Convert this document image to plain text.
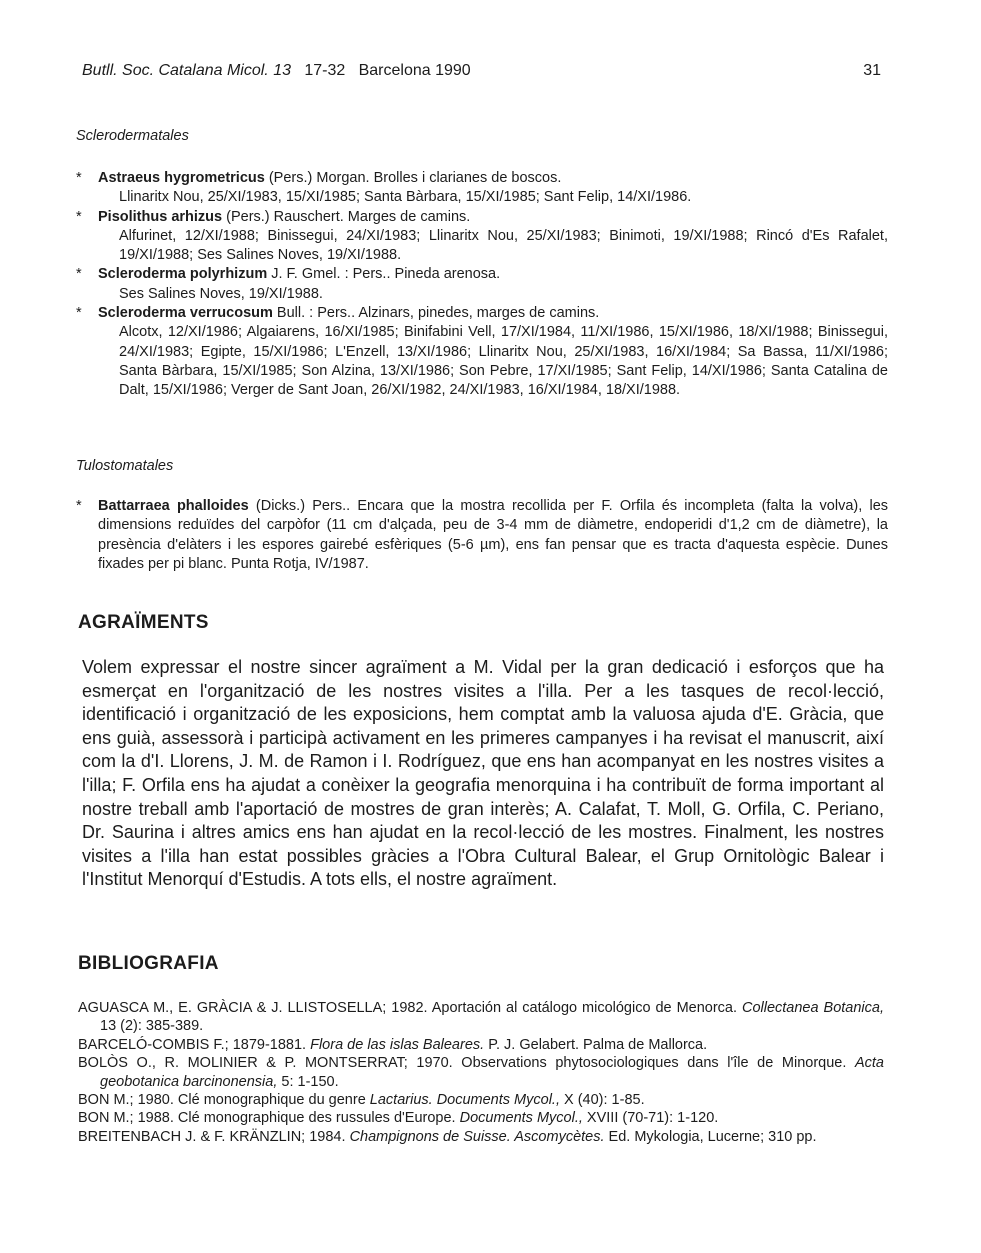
Butll. Soc. Catalana Micol. 13 17-32 Barcelona 1990	31
Sclerodermatales
* Astraeus hygrometricus (Pers.) Morgan. Brolles i clarianes de boscos.
Llinaritx Nou, 25/XI/1983, 15/XI/1985; Santa Bàrbara, 15/XI/1985; Sant Felip, 14/XI/1986.
* Pisolithus arhizus (Pers.) Rauschert. Marges de camins.
Alfurinet, 12/XI/1988; Binissegui, 24/XI/1983; Llinaritx Nou, 25/XI/1983; Binimoti, 19/XI/1988; Rincó d'Es Rafalet, 19/XI/1988; Ses Salines Noves, 19/XI/1988.
* Scleroderma polyrhizum J. F. Gmel. : Pers.. Pineda arenosa.
Ses Salines Noves, 19/XI/1988.
* Scleroderma verrucosum Bull. : Pers.. Alzinars, pinedes, marges de camins.
Alcotx, 12/XI/1986; Algaiarens, 16/XI/1985; Binifabini Vell, 17/XI/1984, 11/XI/1986, 15/XI/1986, 18/XI/1988; Binissegui, 24/XI/1983; Egipte, 15/XI/1986; L'Enzell, 13/XI/1986; Llinaritx Nou, 25/XI/1983, 16/XI/1984; Sa Bassa, 11/XI/1986; Santa Bàrbara, 15/XI/1985; Son Alzina, 13/XI/1986; Son Pebre, 17/XI/1985; Sant Felip, 14/XI/1986; Santa Catalina de Dalt, 15/XI/1986; Verger de Sant Joan, 26/XI/1982, 24/XI/1983, 16/XI/1984, 18/XI/1988.
Tulostomatales
* Battarraea phalloides (Dicks.) Pers.. Encara que la mostra recollida per F. Orfila és incompleta (falta la volva), les dimensions reduïdes del carpòfor (11 cm d'alçada, peu de 3-4 mm de diàmetre, endoperidi d'1,2 cm de diàmetre), la presència d'elàters i les espores gairebé esfèriques (5-6 µm), ens fan pensar que es tracta d'aquesta espècie. Dunes fixades per pi blanc. Punta Rotja, IV/1987.
AGRAÏMENTS
Volem expressar el nostre sincer agraïment a M. Vidal per la gran dedicació i esforços que ha esmerçat en l'organització de les nostres visites a l'illa. Per a les tasques de recol·lecció, identificació i organització de les exposicions, hem comptat amb la valuosa ajuda d'E. Gràcia, que ens guià, assessorà i participà activament en les primeres campanyes i ha revisat el manuscrit, així com la d'I. Llorens, J. M. de Ramon i I. Rodríguez, que ens han acompanyat en les nostres visites a l'illa; F. Orfila ens ha ajudat a conèixer la geografia menorquina i ha contribuït de forma important al nostre treball amb l'aportació de mostres de gran interès; A. Calafat, T. Moll, G. Orfila, C. Periano, Dr. Saurina i altres amics ens han ajudat en la recol·lecció de les mostres. Finalment, les nostres visites a l'illa han estat possibles gràcies a l'Obra Cultural Balear, el Grup Ornitològic Balear i l'Institut Menorquí d'Estudis. A tots ells, el nostre agraïment.
BIBLIOGRAFIA
AGUASCA M., E. GRÀCIA & J. LLISTOSELLA; 1982. Aportación al catálogo micológico de Menorca. Collectanea Botanica, 13 (2): 385-389.
BARCELÓ-COMBIS F.; 1879-1881. Flora de las islas Baleares. P. J. Gelabert. Palma de Mallorca.
BOLÒS O., R. MOLINIER & P. MONTSERRAT; 1970. Observations phytosociologiques dans l'île de Minorque. Acta geobotanica barcinonensia, 5: 1-150.
BON M.; 1980. Clé monographique du genre Lactarius. Documents Mycol., X (40): 1-85.
BON M.; 1988. Clé monographique des russules d'Europe. Documents Mycol., XVIII (70-71): 1-120.
BREITENBACH J. & F. KRÄNZLIN; 1984. Champignons de Suisse. Ascomycètes. Ed. Mykologia, Lucerne; 310 pp.
